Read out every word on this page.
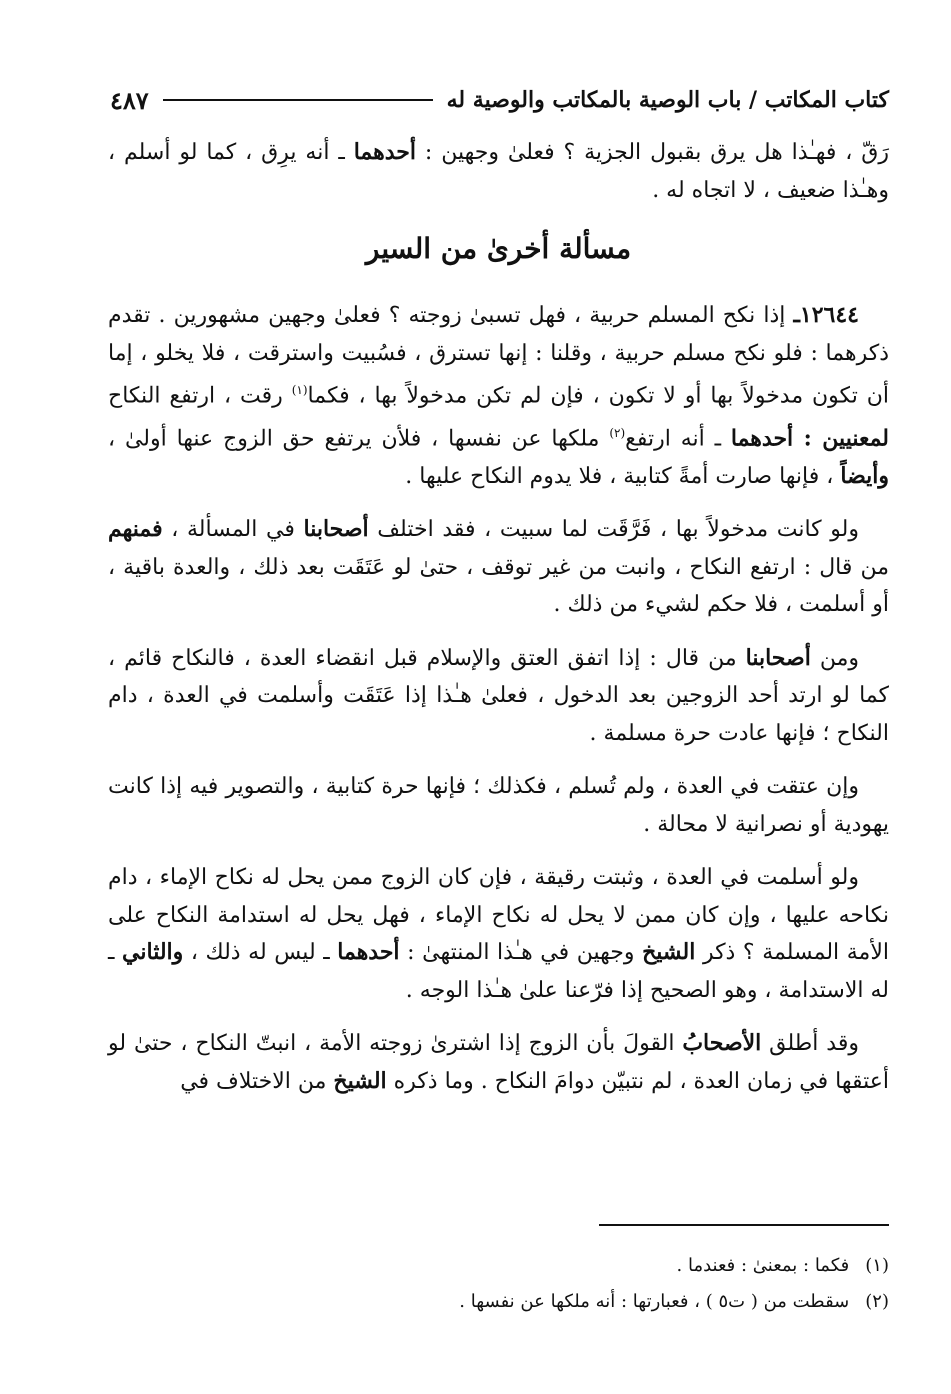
كتاب المكاتب / باب الوصية بالمكاتب والوصية له
٤٨٧

رَقّ ، فهـٰذا هل يرق بقبول الجزية ؟ فعلىٰ وجهين : أحدهما ـ أنه يرِق ، كما لو أسلم ، وهـٰذا ضعيف ، لا اتجاه له .

مسألة أخرىٰ من السير

١٢٦٤٤ـ إذا نكح المسلم حربية ، فهل تسبىٰ زوجته ؟ فعلىٰ وجهين مشهورين . تقدم ذكرهما : فلو نكح مسلم حربية ، وقلنا : إنها تسترق ، فسُبيت واسترقت ، فلا يخلو ، إما أن تكون مدخولاً بها أو لا تكون ، فإن لم تكن مدخولاً بها ، فكما$^{(١)}$ رقت ، ارتفع النكاح لمعنيين : أحدهما ـ أنه ارتفع$^{(٢)}$ ملكها عن نفسها ، فلأن يرتفع حق الزوج عنها أولىٰ ، وأيضاً ، فإنها صارت أمةً كتابية ، فلا يدوم النكاح عليها .

ولو كانت مدخولاً بها ، فَرَّقَت لما سبيت ، فقد اختلف أصحابنا في المسألة ، فمنهم من قال : ارتفع النكاح ، وانبت من غير توقف ، حتىٰ لو عَتَقَت بعد ذلك ، والعدة باقية ، أو أسلمت ، فلا حكم لشيء من ذلك .

ومن أصحابنا من قال : إذا اتفق العتق والإسلام قبل انقضاء العدة ، فالنكاح قائم ، كما لو ارتد أحد الزوجين بعد الدخول ، فعلىٰ هـٰذا إذا عَتَقَت وأسلمت في العدة ، دام النكاح ؛ فإنها عادت حرة مسلمة .

وإن عتقت في العدة ، ولم تُسلم ، فكذلك ؛ فإنها حرة كتابية ، والتصوير فيه إذا كانت يهودية أو نصرانية لا محالة .

ولو أسلمت في العدة ، وثبتت رقيقة ، فإن كان الزوج ممن يحل له نكاح الإماء ، دام نكاحه عليها ، وإن كان ممن لا يحل له نكاح الإماء ، فهل يحل له استدامة النكاح على الأمة المسلمة ؟ ذكر الشيخ وجهين في هـٰذا المنتهىٰ : أحدهما ـ ليس له ذلك ، والثاني ـ له الاستدامة ، وهو الصحيح إذا فرّعنا علىٰ هـٰذا الوجه .

وقد أطلق الأصحابُ القولَ بأن الزوج إذا اشترىٰ زوجته الأمة ، انبتّ النكاح ، حتىٰ لو أعتقها في زمان العدة ، لم نتبيّن دوامَ النكاح . وما ذكره الشيخ من الاختلاف في

(١)
فكما : بمعنىٰ : فعندما .
(٢)
سقطت من ( ت٥ ) ، فعبارتها : أنه ملكها عن نفسها .
